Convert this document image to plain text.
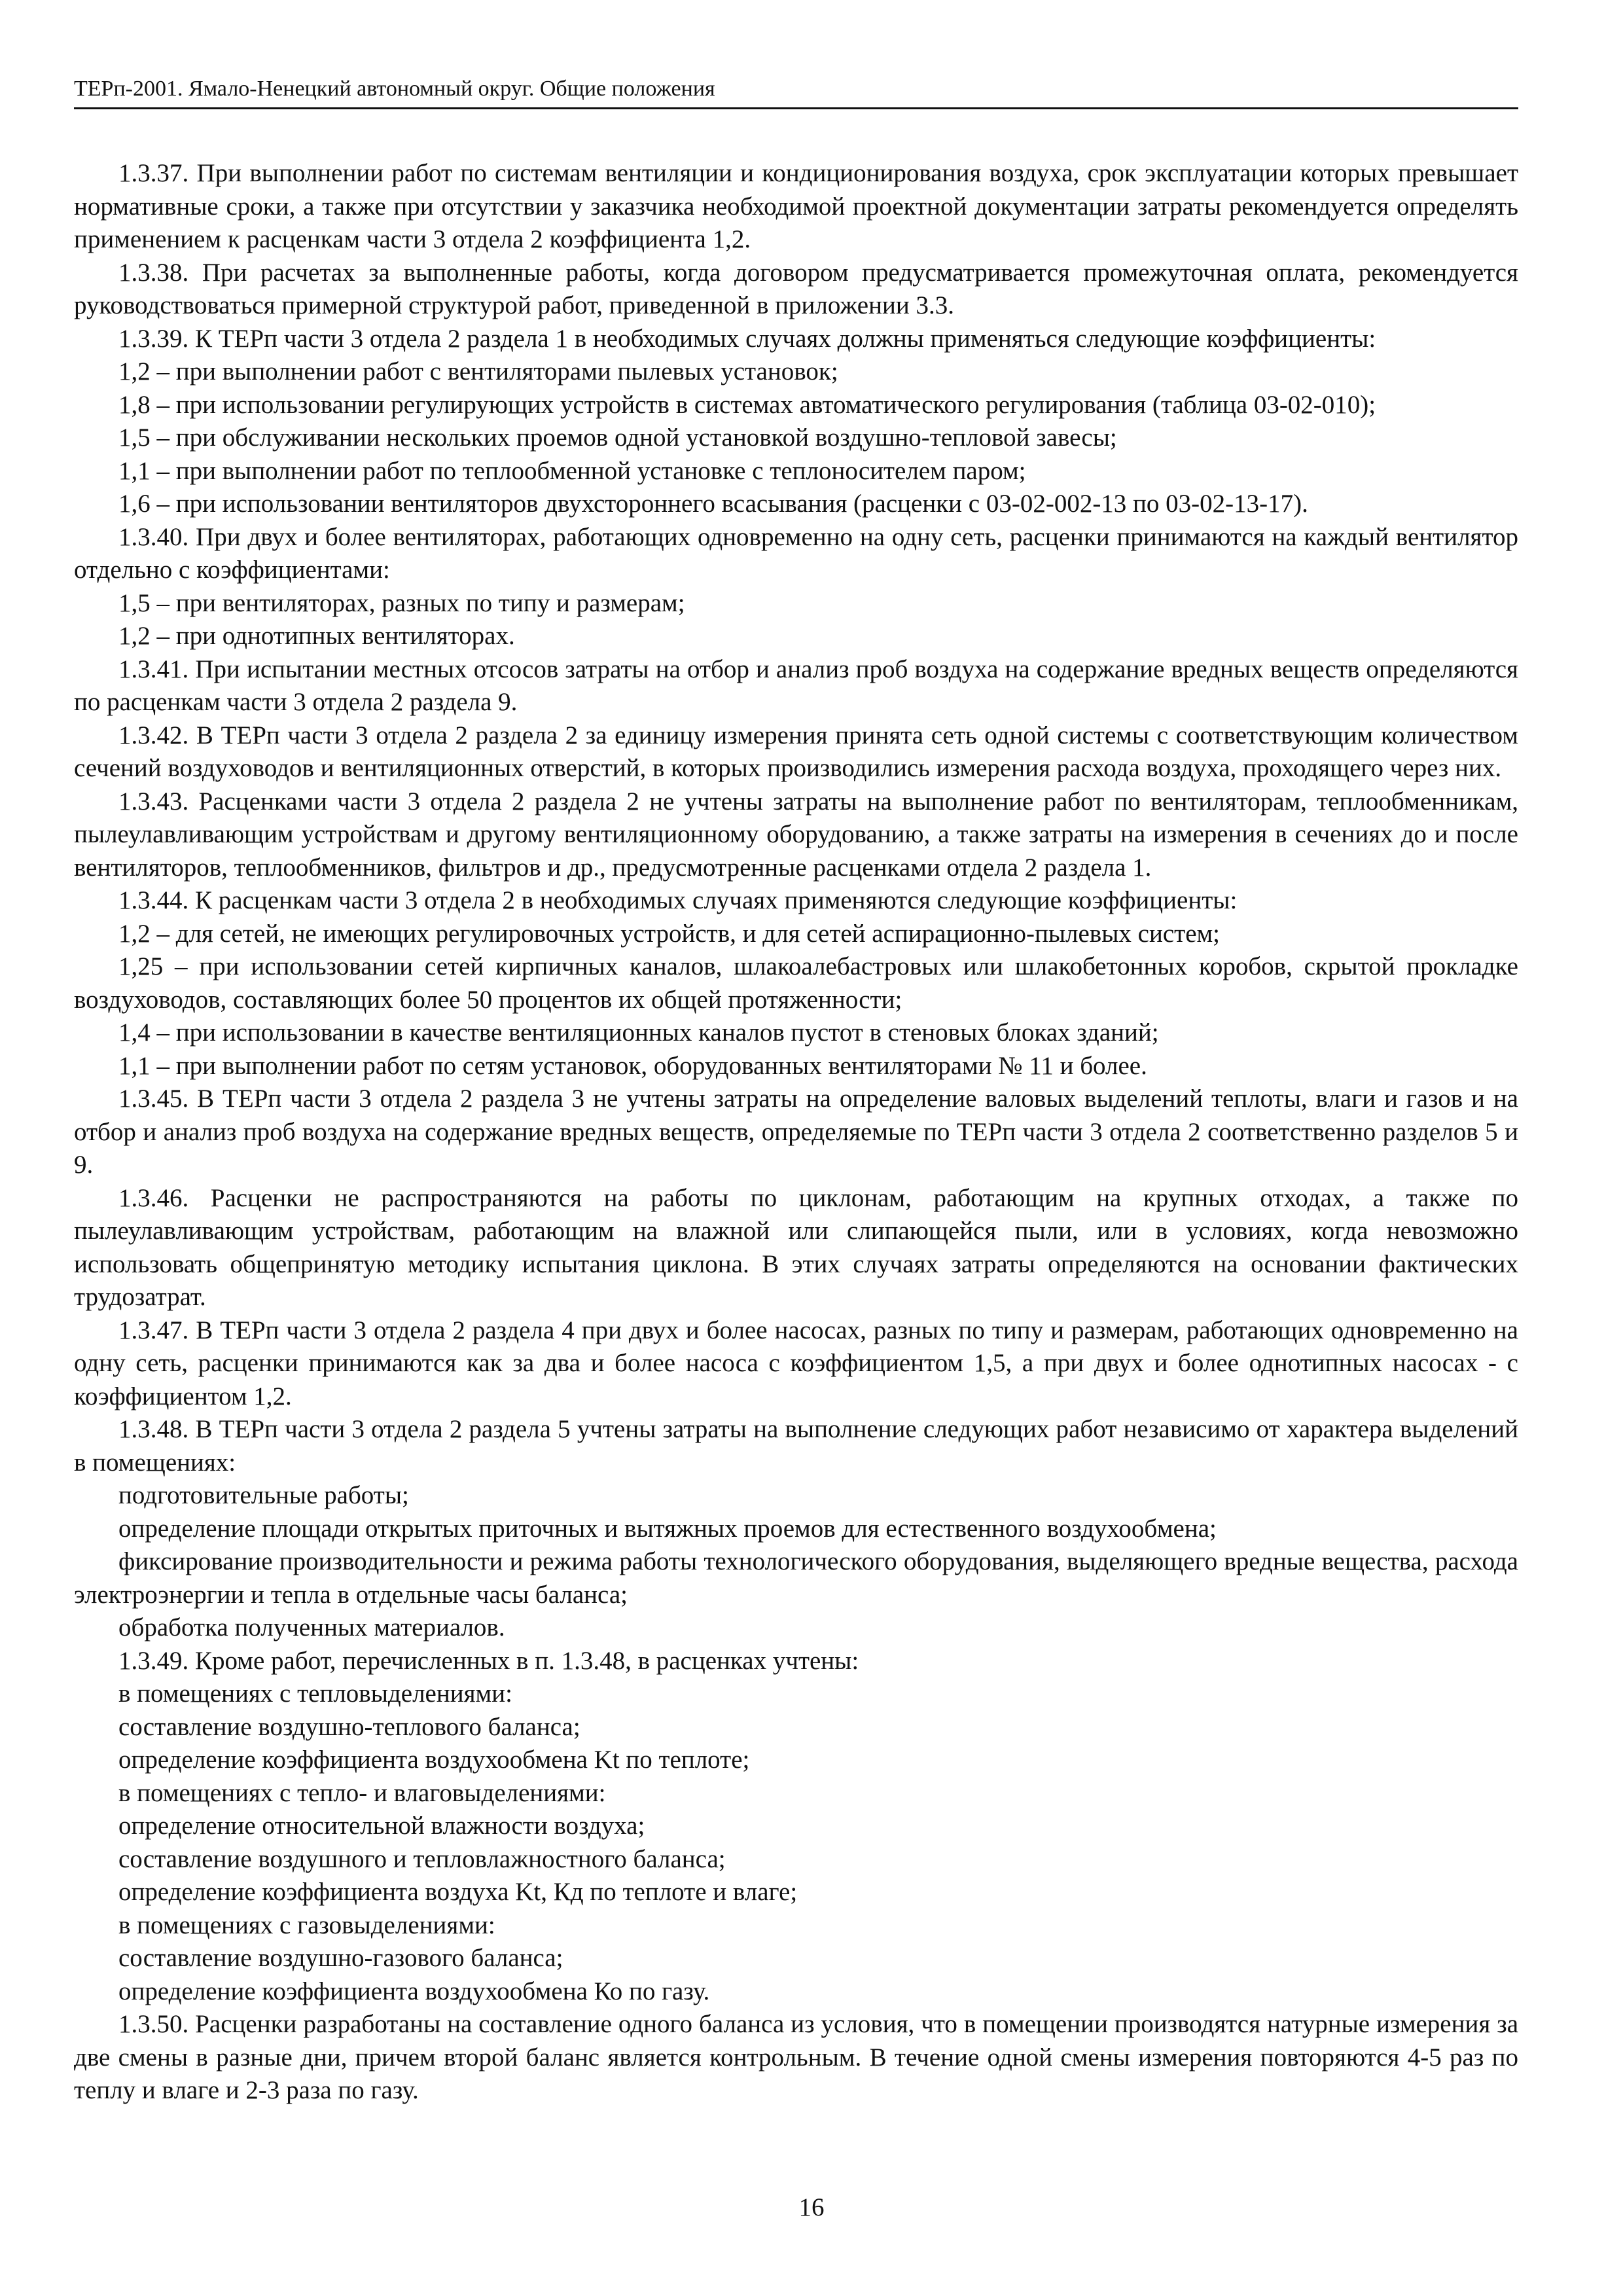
ТЕРп-2001. Ямало-Ненецкий автономный округ. Общие положения

1.3.37. При выполнении работ по системам вентиляции и кондиционирования воздуха, срок эксплуатации которых превышает нормативные сроки, а также при отсутствии у заказчика необходимой проектной документации затраты рекомендуется определять применением к расценкам части 3 отдела 2 коэффициента 1,2.

1.3.38. При расчетах за выполненные работы, когда договором предусматривается промежуточная оплата, рекомендуется руководствоваться примерной структурой работ, приведенной в приложении 3.3.

1.3.39. К ТЕРп части 3 отдела 2 раздела 1 в необходимых случаях должны применяться следующие коэффициенты:

1,2 – при выполнении работ с вентиляторами пылевых установок;

1,8 – при использовании регулирующих устройств в системах автоматического регулирования (таблица 03-02-010);

1,5 – при обслуживании нескольких проемов одной установкой воздушно-тепловой завесы;

1,1 – при выполнении работ по теплообменной установке с теплоносителем паром;

1,6 – при использовании вентиляторов двухстороннего всасывания (расценки с 03-02-002-13 по 03-02-13-17).

1.3.40. При двух и более вентиляторах, работающих одновременно на одну сеть, расценки принимаются на каждый вентилятор отдельно с коэффициентами:

1,5 – при вентиляторах, разных по типу и размерам;

1,2 – при однотипных вентиляторах.

1.3.41. При испытании местных отсосов затраты на отбор и анализ проб воздуха на содержание вредных веществ определяются по расценкам части 3 отдела 2 раздела 9.

1.3.42. В ТЕРп части 3 отдела 2 раздела 2 за единицу измерения принята сеть одной системы с соответствующим количеством сечений воздуховодов и вентиляционных отверстий, в которых производились измерения расхода воздуха, проходящего через них.

1.3.43. Расценками части 3 отдела 2 раздела 2 не учтены затраты на выполнение работ по вентиляторам, теплообменникам, пылеулавливающим устройствам и другому вентиляционному оборудованию, а также затраты на измерения в сечениях до и после вентиляторов, теплообменников, фильтров и др., предусмотренные расценками отдела 2 раздела 1.

1.3.44. К расценкам части 3 отдела 2 в необходимых случаях применяются следующие коэффициенты:

1,2 – для сетей, не имеющих регулировочных устройств, и для сетей аспирационно-пылевых систем;

1,25 – при использовании сетей кирпичных каналов, шлакоалебастровых или шлакобетонных коробов, скрытой прокладке воздуховодов, составляющих более 50 процентов их общей протяженности;

1,4 – при использовании в качестве вентиляционных каналов пустот в стеновых блоках зданий;

1,1 – при выполнении работ по сетям установок, оборудованных вентиляторами № 11 и более.

1.3.45. В ТЕРп части 3 отдела 2 раздела 3 не учтены затраты на определение валовых выделений теплоты, влаги и газов и на отбор и анализ проб воздуха на содержание вредных веществ, определяемые по ТЕРп части 3 отдела 2 соответственно разделов 5 и 9.

1.3.46. Расценки не распространяются на работы по циклонам, работающим на крупных отходах, а также по пылеулавливающим устройствам, работающим на влажной или слипающейся пыли, или в условиях, когда невозможно использовать общепринятую методику испытания циклона. В этих случаях затраты определяются на основании фактических трудозатрат.

1.3.47. В ТЕРп части 3 отдела 2 раздела 4 при двух и более насосах, разных по типу и размерам, работающих одновременно на одну сеть, расценки принимаются как за два и более насоса с коэффициентом 1,5, а при двух и более однотипных насосах - с коэффициентом 1,2.

1.3.48. В ТЕРп части 3 отдела 2 раздела 5 учтены затраты на выполнение следующих работ независимо от характера выделений в помещениях:

подготовительные работы;

определение площади открытых приточных и вытяжных проемов для естественного воздухообмена;

фиксирование производительности и режима работы технологического оборудования, выделяющего вредные вещества, расхода электроэнергии и тепла в отдельные часы баланса;

обработка полученных материалов.

1.3.49. Кроме работ, перечисленных в п. 1.3.48, в расценках учтены:

в помещениях с тепловыделениями:

составление воздушно-теплового баланса;

определение коэффициента воздухообмена Kt по теплоте;

в помещениях с тепло- и влаговыделениями:

определение относительной влажности воздуха;

составление воздушного и тепловлажностного баланса;

определение коэффициента воздуха Kt, Кд по теплоте и влаге;

в помещениях с газовыделениями:

составление воздушно-газового баланса;

определение коэффициента воздухообмена Ко по газу.

1.3.50. Расценки разработаны на составление одного баланса из условия, что в помещении производятся натурные измерения за две смены в разные дни, причем второй баланс является контрольным. В течение одной смены измерения повторяются 4-5 раз по теплу и влаге и 2-3 раза по газу.

16
